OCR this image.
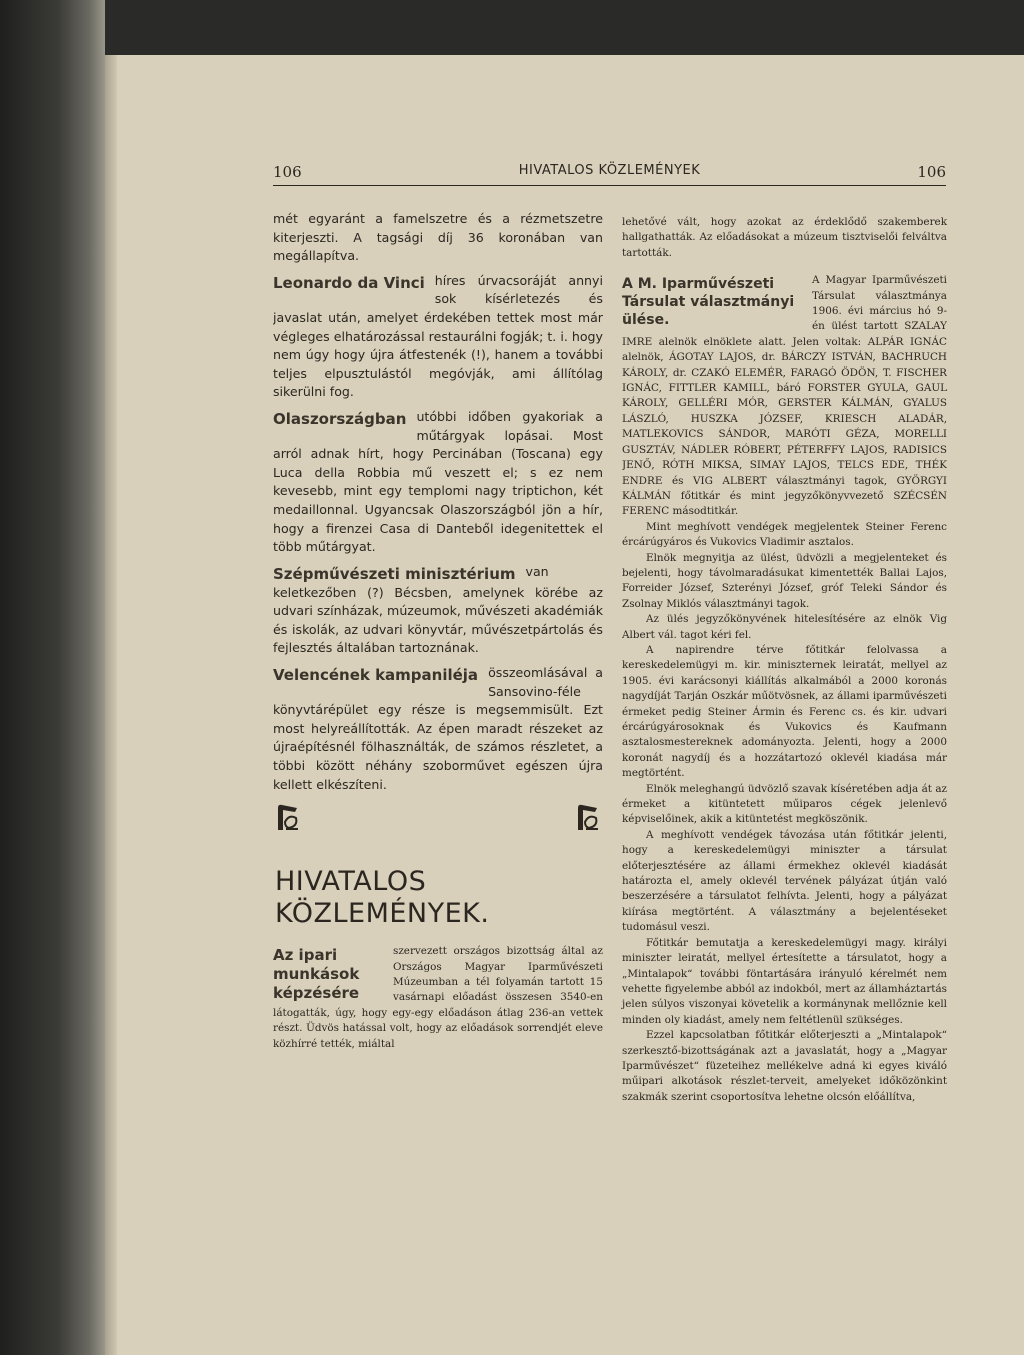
106	HIVATALOS KÖZLEMÉNYEK	106

mét egyaránt a famelszetre és a rézmetszetre kiterjeszti. A tagsági díj 36 koronában van megállapítva.

Leonardo da Vinci híres úrvacsoráját annyi sok kísérletezés és javaslat után, amelyet érdekében tettek most már végleges elhatározással restaurálni fogják; t. i. hogy nem úgy hogy újra átfestenék (!), hanem a további teljes elpusztulástól megóvják, ami állítólag sikerülni fog.

Olaszországban utóbbi időben gyakoriak a műtárgyak lopásai. Most arról adnak hírt, hogy Percinában (Toscana) egy Luca della Robbia mű veszett el; s ez nem kevesebb, mint egy templomi nagy triptichon, két medaillonnal. Ugyancsak Olaszországból jön a hír, hogy a firenzei Casa di Danteből idegenitettek el több műtárgyat.

Szépművészeti minisztérium van keletkezőben (?) Bécsben, amelynek körébe az udvari színházak, múzeumok, művészeti akadémiák és iskolák, az udvari könyvtár, művészetpártolás és fejlesztés általában tartoznának.

Velencének kampaniléja összeomlásával a Sansovino-féle könyvtárépület egy része is megsemmisült. Ezt most helyreállították. Az épen maradt részeket az újraépítésnél fölhasználták, de számos részletet, a többi között néhány szoborművet egészen újra kellett elkészíteni.

HIVATALOS
KÖZLEMÉNYEK.
Az ipari munkások képzésére

szervezett országos bizottság által az Országos Magyar Iparművészeti Múzeumban a tél folyamán tartott 15 vasárnapi előadást összesen 3540-en látogatták, úgy, hogy egy-egy előadáson átlag 236-an vettek részt. Üdvös hatással volt, hogy az előadások sorrendjét eleve közhírré tették, miáltal

lehetővé vált, hogy azokat az érdeklődő szakemberek hallgathatták. Az előadásokat a múzeum tisztviselői felváltva tartották.

A M. Iparművészeti Társulat választmányi ülése.

A Magyar Iparművészeti Társulat választmánya 1906. évi március hó 9-én ülést tartott SZALAY IMRE alelnök elnöklete alatt. Jelen voltak: ALPÁR IGNÁC alelnök, ÁGOTAY LAJOS, dr. BÁRCZY ISTVÁN, BACHRUCH KÁROLY, dr. CZAKÓ ELEMÉR, FARAGÓ ÖDÖN, T. FISCHER IGNÁC, FITTLER KAMILL, báró FORSTER GYULA, GAUL KÁROLY, GELLÉRI MÓR, GERSTER KÁLMÁN, GYALUS LÁSZLÓ, HUSZKA JÓZSEF, KRIESCH ALADÁR, MATLEKOVICS SÁNDOR, MARÓTI GÉZA, MORELLI GUSZTÁV, NÁDLER RÓBERT, PÉTERFFY LAJOS, RADISICS JENŐ, RÓTH MIKSA, SIMAY LAJOS, TELCS EDE, THÉK ENDRE és VIG ALBERT választmányi tagok, GYÖRGYI KÁLMÁN főtitkár és mint jegyzőkönyvvezető SZÉCSÉN FERENC másodtitkár.

Mint meghívott vendégek megjelentek Steiner Ferenc ércárúgyáros és Vukovics Vladimir asztalos.

Elnök megnyitja az ülést, üdvözli a megjelenteket és bejelenti, hogy távolmaradásukat kimentették Ballai Lajos, Forreider József, Szterényi József, gróf Teleki Sándor és Zsolnay Miklós választmányi tagok.

Az ülés jegyzőkönyvének hitelesítésére az elnök Vig Albert vál. tagot kéri fel.

A napirendre térve főtitkár felolvassa a kereskedelemügyi m. kir. miniszternek leiratát, mellyel az 1905. évi karácsonyi kiállítás alkalmából a 2000 koronás nagydíját Tarján Oszkár műötvösnek, az állami iparművészeti érmeket pedig Steiner Ármin és Ferenc cs. és kir. udvari ércárúgyárosoknak és Vukovics és Kaufmann asztalosmestereknek adományozta. Jelenti, hogy a 2000 koronát nagydíj és a hozzátartozó oklevél kiadása már megtörtént.

Elnök meleghangú üdvözlő szavak kíséretében adja át az érmeket a kitüntetett műiparos cégek jelenlevő képviselőinek, akik a kitüntetést megköszönik.

A meghívott vendégek távozása után főtitkár jelenti, hogy a kereskedelemügyi miniszter a társulat előterjesztésére az állami érmekhez oklevél kiadását határozta el, amely oklevél tervének pályázat útján való beszerzésére a társulatot felhívta. Jelenti, hogy a pályázat kiírása megtörtént. A választmány a bejelentéseket tudomásul veszi.

Főtitkár bemutatja a kereskedelemügyi magy. királyi miniszter leiratát, mellyel értesítette a társulatot, hogy a „Mintalapok“ további föntartására irányuló kérelmét nem vehette figyelembe abból az indokból, mert az államháztartás jelen súlyos viszonyai követelik a kormánynak mellőznie kell minden oly kiadást, amely nem feltétlenül szükséges.

Ezzel kapcsolatban főtitkár előterjeszti a „Mintalapok“ szerkesztő-bizottságának azt a javaslatát, hogy a „Magyar Iparművészet“ füzeteihez mellékelve adná ki egyes kiváló műipari alkotások részlet-terveit, amelyeket időközönkint szakmák szerint csoportosítva lehetne olcsón előállítva,
